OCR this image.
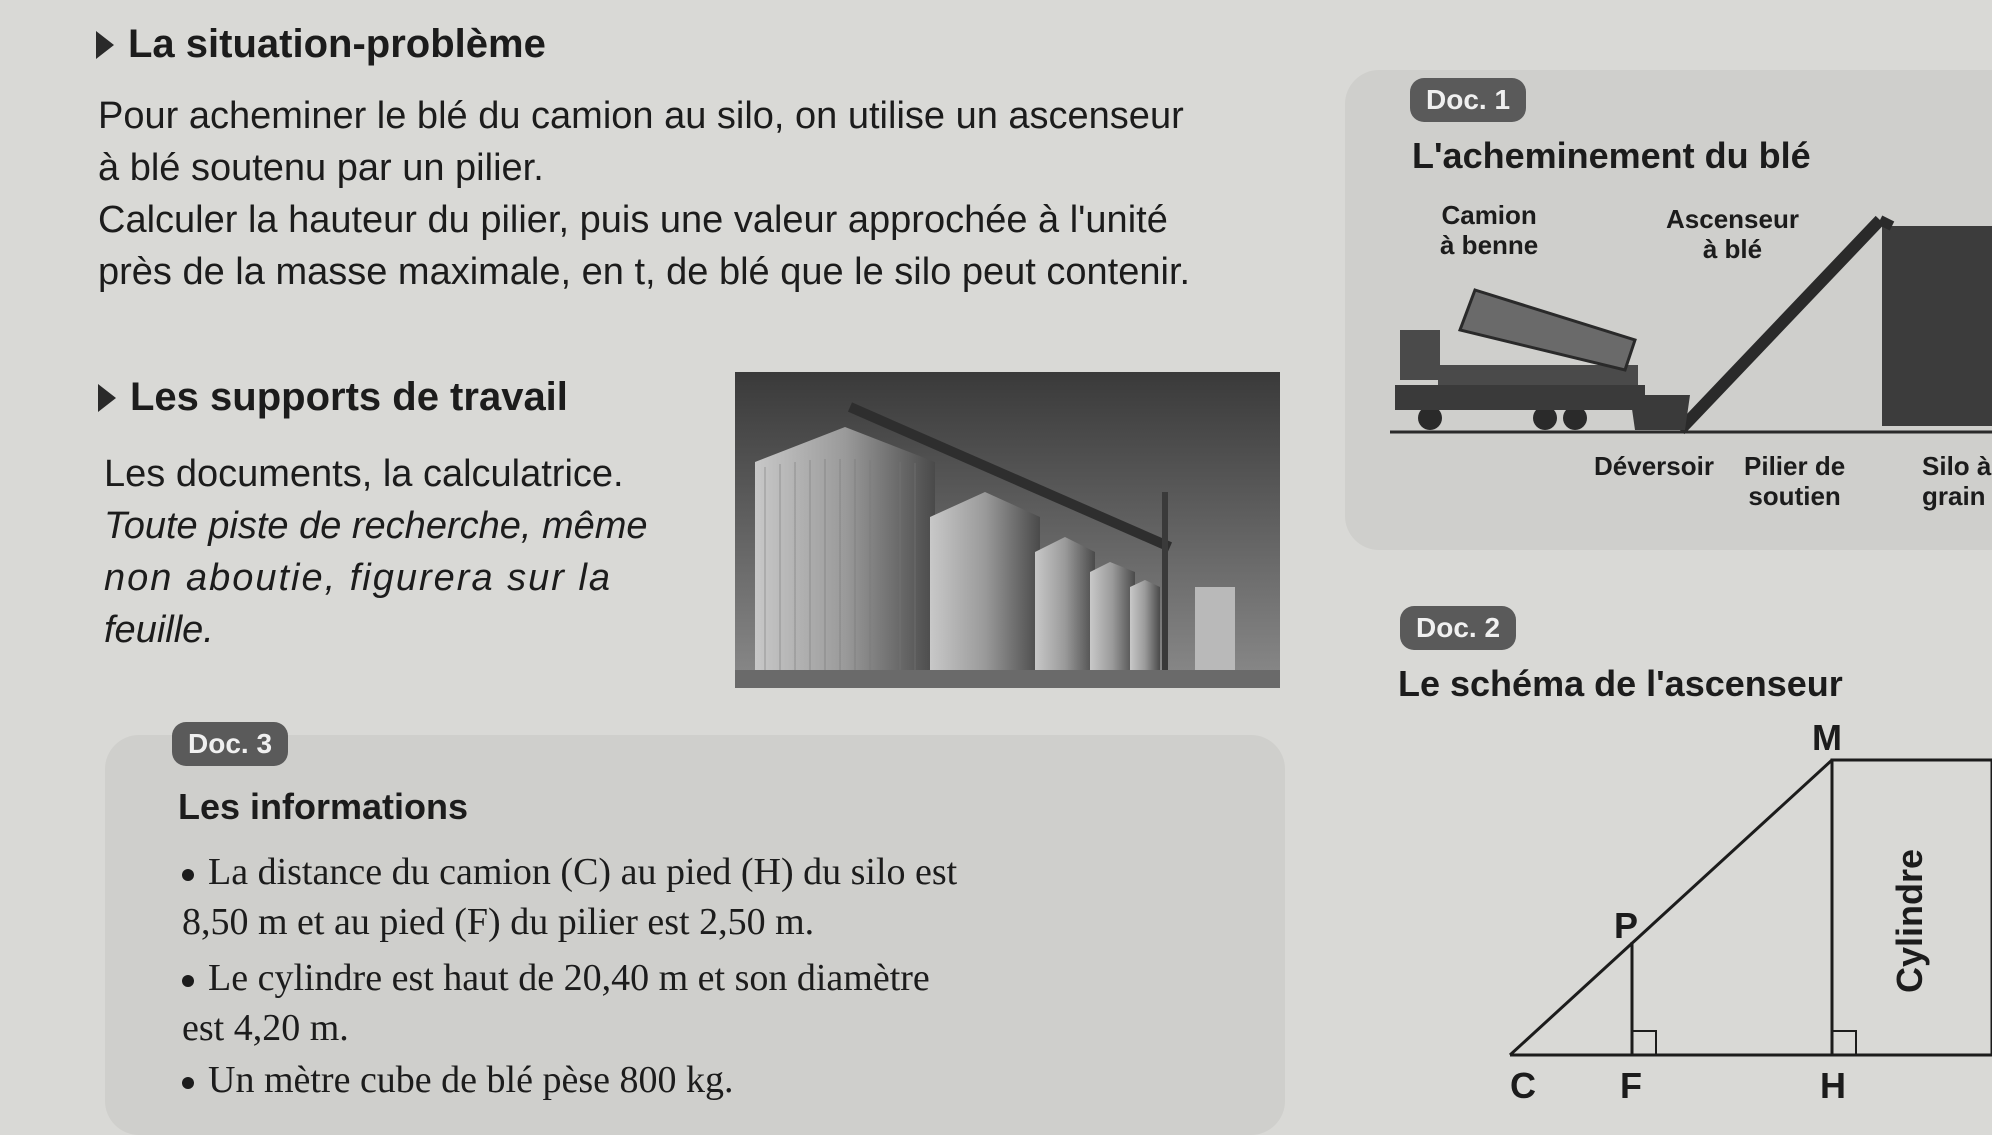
La situation-problème
Pour acheminer le blé du camion au silo, on utilise un ascenseur
à blé soutenu par un pilier.
Calculer la hauteur du pilier, puis une valeur approchée à l'unité
près de la masse maximale, en t, de blé que le silo peut contenir.
Les supports de travail
Les documents, la calculatrice.
Toute piste de recherche, même
non aboutie, figurera sur la
feuille.
Doc. 1
L'acheminement du blé
Camion
à benne
Ascenseur
à blé
Déversoir Pilier de
soutien
Silo à
grain
Doc. 2
Le schéma de l'ascenseur
M
P
C F	H
Cylindre
Doc. 3
Les informations
La distance du camion (C) au pied (H) du silo est
8,50 m et au pied (F) du pilier est 2,50 m.
Le cylindre est haut de 20,40 m et son diamètre
est 4,20 m.
Un mètre cube de blé pèse 800 kg.
